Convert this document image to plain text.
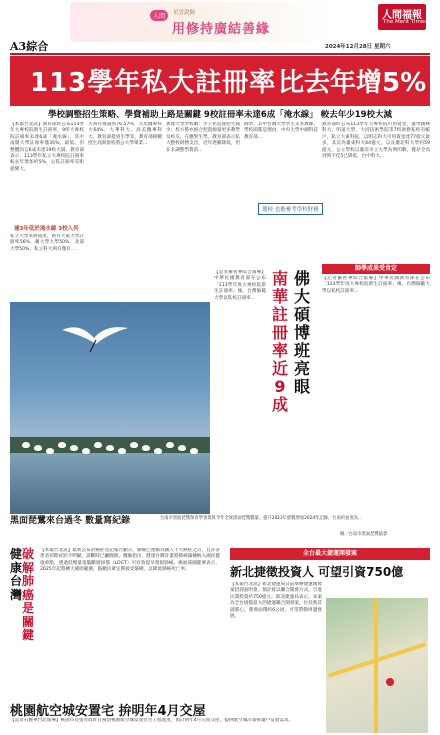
人間	星雲說偈
用修持廣結善緣
A3綜合
人間福報
The Merit Times
2024年12月28日 星期六
113學年私大註冊率 比去年增5%
學校調整招生策略、學費補助上路是關鍵 9校註冊率未達6成「淹水線」 較去年少19校大減
【本報台北訊】教育部昨公布113學年大專校院新生註冊率，9所大專校院註冊率未達6成「淹水線」，其中南開大學註冊率僅35%，最低。但整體而言6成未達19校大減，教育部表示，113學年私立大專校院註冊率較去年增加約5%，公私註冊率差距從變大。
連3年低於淹水線 3校入列
私立大學來源成產，則有大東大學註冊率56%、稱大學大學50%、北部大學50%；私立科大則有僅有...
大到有遞減到76.57%，元培醫專科大64%、大華科大、高美醫專科大、教育部提到生學等。教育部相關招生高與留校將公大學畢業...
異理大學學校數：少子化造成招生減少；校方將亦組合把資源量更多教學及校友，在應對生學。教育部表示私大整校財務支出，近年逐漸降低，但在未調整學費前...
師學，其中台灣大學學生未來教師，學校即都是理由，中央大學中國科技教育部...
選校 也應參考學校財務
教育部昨公布113學年大專校院可用資金，運學國林科大、明道大學、大同技術學院等7校財務私校有帳戶，私立大東科院，以明志科大可用資金達77億元最多，其次為臺東科大64億元，以及臺北科大學約59億元，公立學校以臺北市立大學為例的數，僅存全高到到不佳5已降低，台中科大...
師學成果受肯定
【記者羅智華綜合報導】中華民國教育部在公布「113學年度大專校院新生註冊率」後，台灣師範大學以私校註冊率...
南華註冊率近9成
佛大碩博班亮眼
【記者羅智華綜合報導】中華民國教育部在公布「113學年度大專校院新生註冊率」後，台灣師範大學以私校註冊率...
黑面琵鷺來台過冬 數量寫紀錄	台南市黑面琵鷺保育學會推算今年全球黑面琵鷺數量，提升2023年族數增加2024年記錄，台南約並度為...
圖／台南市黑面琵鷺協會
健康台灣
破解肺癌是關鍵
【本報台北訊】最新公布的癌症登記報告顯示，肺癌已連續為國人十大癌症之首，且許多患者初期症狀不明顯，診斷時已屬晚期。醫師指出，健康台灣計畫將肺癌篩檢納入國民健康重點，透過低劑量電腦斷層掃描（LDCT）可有效提早發現肺癌。衛福部國健署表示，2025年起將擴大補助範圍，鼓勵民眾定期接受篩檢，以降低肺癌死亡率。
全台最大捷運開發案
新北捷徵投資人 可望引資750億
【本報台北訊】新北捷運局日前舉辦捷運開發案招商說明會，預計將以聯合開發方式，引進民間投資約750億元。新北捷運局表示，本案為全台規模最大的捷運聯合開發案，位於新莊副都心，開發面積約6公頃，可望帶動周邊發展。
桃園航空城安置宅 拚明年4月交屋
【記者石麗華台北報導】桃園市長張善政昨日視察桃園航空城安置住宅工程進度，預計明年4月完成交屋，提供航空城計畫拆遷戶安置需求。
